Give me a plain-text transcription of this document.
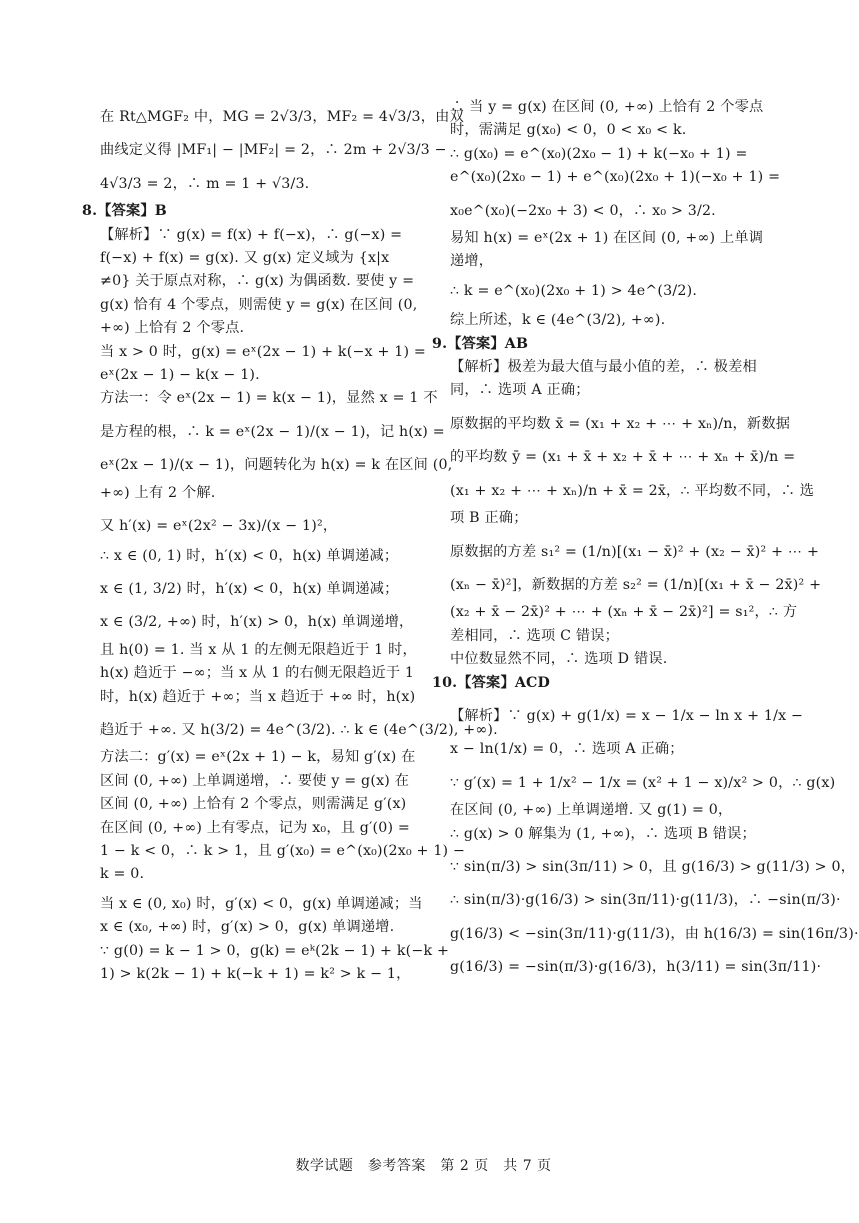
在 Rt△MGF₂ 中，MG = 2√3/3，MF₂ = 4√3/3，由双
曲线定义得 |MF₁| − |MF₂| = 2，∴ 2m + 2√3/3 −
4√3/3 = 2，∴ m = 1 + √3/3.
8.【答案】B
【解析】∵ g(x) = f(x) + f(−x)，∴ g(−x) =
f(−x) + f(x) = g(x). 又 g(x) 定义域为 {x|x
≠0} 关于原点对称，∴ g(x) 为偶函数. 要使 y =
g(x) 恰有 4 个零点，则需使 y = g(x) 在区间 (0,
+∞) 上恰有 2 个零点.
当 x > 0 时，g(x) = eˣ(2x − 1) + k(−x + 1) =
eˣ(2x − 1) − k(x − 1).
方法一：令 eˣ(2x − 1) = k(x − 1)，显然 x = 1 不
是方程的根，∴ k = eˣ(2x − 1)/(x − 1)，记 h(x) =
eˣ(2x − 1)/(x − 1)，问题转化为 h(x) = k 在区间 (0,
+∞) 上有 2 个解.
又 h′(x) = eˣ(2x² − 3x)/(x − 1)²，
∴ x ∈ (0, 1) 时，h′(x) < 0，h(x) 单调递减；
x ∈ (1, 3/2) 时，h′(x) < 0，h(x) 单调递减；
x ∈ (3/2, +∞) 时，h′(x) > 0，h(x) 单调递增，
且 h(0) = 1. 当 x 从 1 的左侧无限趋近于 1 时，
h(x) 趋近于 −∞；当 x 从 1 的右侧无限趋近于 1
时，h(x) 趋近于 +∞；当 x 趋近于 +∞ 时，h(x)
趋近于 +∞. 又 h(3/2) = 4e^(3/2). ∴ k ∈ (4e^(3/2), +∞).
方法二：g′(x) = eˣ(2x + 1) − k，易知 g′(x) 在
区间 (0, +∞) 上单调递增，∴ 要使 y = g(x) 在
区间 (0, +∞) 上恰有 2 个零点，则需满足 g′(x)
在区间 (0, +∞) 上有零点，记为 x₀，且 g′(0) =
1 − k < 0，∴ k > 1，且 g′(x₀) = e^(x₀)(2x₀ + 1) −
k = 0.
当 x ∈ (0, x₀) 时，g′(x) < 0，g(x) 单调递减；当
x ∈ (x₀, +∞) 时，g′(x) > 0，g(x) 单调递增.
∵ g(0) = k − 1 > 0，g(k) = eᵏ(2k − 1) + k(−k +
1) > k(2k − 1) + k(−k + 1) = k² > k − 1，
∴ 当 y = g(x) 在区间 (0, +∞) 上恰有 2 个零点
时，需满足 g(x₀) < 0，0 < x₀ < k.
∴ g(x₀) = e^(x₀)(2x₀ − 1) + k(−x₀ + 1) =
e^(x₀)(2x₀ − 1) + e^(x₀)(2x₀ + 1)(−x₀ + 1) =
x₀e^(x₀)(−2x₀ + 3) < 0，∴ x₀ > 3/2.
易知 h(x) = eˣ(2x + 1) 在区间 (0, +∞) 上单调
递增，
∴ k = e^(x₀)(2x₀ + 1) > 4e^(3/2).
综上所述，k ∈ (4e^(3/2), +∞).
9.【答案】AB
【解析】极差为最大值与最小值的差，∴ 极差相
同，∴ 选项 A 正确；
原数据的平均数 x̄ = (x₁ + x₂ + ⋯ + xₙ)/n，新数据
的平均数 ȳ = (x₁ + x̄ + x₂ + x̄ + ⋯ + xₙ + x̄)/n =
(x₁ + x₂ + ⋯ + xₙ)/n + x̄ = 2x̄，∴ 平均数不同，∴ 选
项 B 正确；
原数据的方差 s₁² = (1/n)[(x₁ − x̄)² + (x₂ − x̄)² + ⋯ +
(xₙ − x̄)²]，新数据的方差 s₂² = (1/n)[(x₁ + x̄ − 2x̄)² +
(x₂ + x̄ − 2x̄)² + ⋯ + (xₙ + x̄ − 2x̄)²] = s₁²，∴ 方
差相同，∴ 选项 C 错误；
中位数显然不同，∴ 选项 D 错误.
10.【答案】ACD
【解析】∵ g(x) + g(1/x) = x − 1/x − ln x + 1/x −
x − ln(1/x) = 0，∴ 选项 A 正确；
∵ g′(x) = 1 + 1/x² − 1/x = (x² + 1 − x)/x² > 0，∴ g(x)
在区间 (0, +∞) 上单调递增. 又 g(1) = 0，
∴ g(x) > 0 解集为 (1, +∞)，∴ 选项 B 错误；
∵ sin(π/3) > sin(3π/11) > 0，且 g(16/3) > g(11/3) > 0，
∴ sin(π/3)·g(16/3) > sin(3π/11)·g(11/3)，∴ −sin(π/3)·
g(16/3) < −sin(3π/11)·g(11/3)，由 h(16/3) = sin(16π/3)·
g(16/3) = −sin(π/3)·g(16/3)，h(3/11) = sin(3π/11)·
数学试题　参考答案　第 2 页　共 7 页
